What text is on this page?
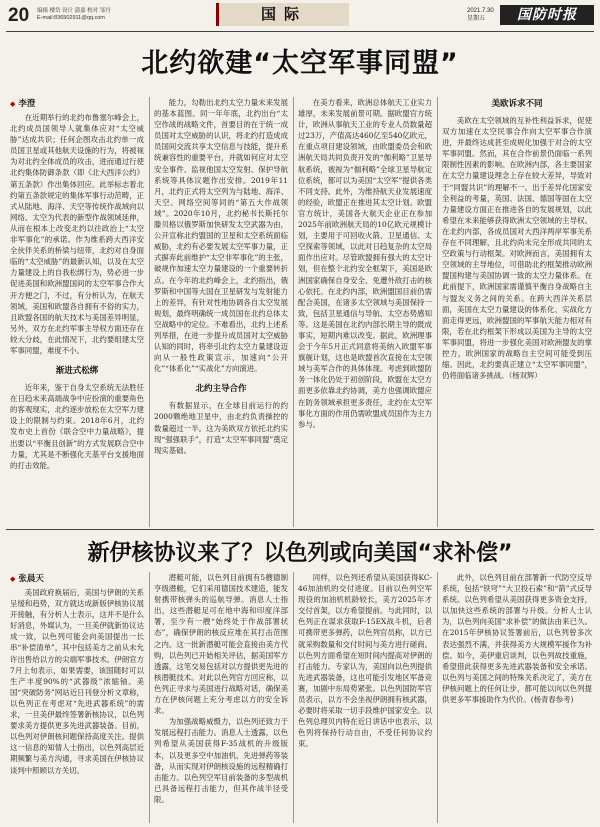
20 编辑 楼岱 设计 蒲嘉 校对 邹丹
E-mail:836502911@qq.com	国际	2021.7.30
星期五	国防时报
北约欲建“太空军事同盟”
◆ 李澄

在近期举行的北约布鲁塞尔峰会上，北约成员国领导人就集体应对“太空威胁”达成共识；任何企图攻击北约单一成员国卫星或其他航天设施的行为，将被视为对北约全体成员的攻击，进而通过行使北约集体防御条款（即《北大西洋公约》第五条款）作出集体回应。此举标志着北约第五条款规定的集体军事行动范畴，正式从陆地、海洋、天空等传统作战域向以网络、太空为代表的新型作战领域延伸，从而在根本上改变北约以往政治上“太空非军事化”的承诺。作为维系跨大西洋安全伙伴关系的桥梁与纽带，北约对自身面临的“太空威胁”的最新认知，以及在太空力量建设上的自我松绑行为，势必进一步促进美国和欧洲盟国间的太空军事合作大开方便之门，不过，有分析认为，在航天领域，美国和欧盟各自拥有不俗的实力，且欧盟各国的航天技术与美国差异明显，另外，双方在北约军事主导权方面还存在较大分歧，在此情况下，北约要组建太空军事同盟，难度不小。

渐进式松绑

近年来，鉴于自身太空系统无法胜任在日趋未来高端战争中应扮演的重要角色的客观现实，北约逐步放松在太空军力建设上的限制与约束。2018年6月，北约发布史上首份《联合空中力量战略》，提出要以“平衡且创新”的方式发展联合空中力量，尤其是不断强化天基平台支援地面的打击效能。

能力，勾勒出北约太空力量未来发展的基本蓝图。同一年年底，北约出台“太空作战的战略文件，首要目的在于统一成员国对太空威胁的认识，将北约打造成成员国间交流共享太空信息与技能，提升系统兼容性的重要平台，并就如何应对太空安全事件、监视他国太空发射、保护导航系统等具体议题作出安排。2019年11月，北约正式将太空列为与陆地、海洋、天空、网络空间等同的“第五大作战领域”。2020年10月，北约秘书长斯托尔滕贝格以俄罗斯加快研发太空武器为由，公开宣称北约盟国的卫星和太空系统面临威胁，北约有必要发展太空军事力量，正式摒弃此前维护“太空非军事化”的主张，破规作加速太空力量建设的一个重要转折点。在今年的北约峰会上，北约指出，俄罗斯和中国等大国在卫星研发与发射能力上的差异，有针对性地协调各自太空发展规划，最终明确统一成员国在北约总体太空战略中的定位。不难看出，北约上述系列举措，在进一步提升成员国对太空威胁认知的同时，将牵引北约太空力量建设迈向从一般性政策宣示，加速向“公开化”“体系化”“实战化”方向演进。

北约主导合作

有数据显示，在全球目前运行的约2000颗绝地卫星中，由北约负责操控的数量超过一半。这为美欧双方依托北约实现“强强联手”，打造“太空军事同盟”奠定现实基础。

在美方看来，欧洲总体航天工业实力雄厚，未来发展前景可期。据欧盟官方统计，欧洲从事航天工业的专业人员数量超过23万，产值高达460亿至540亿欧元，在重点项目建设领域，由欧盟委员会和欧洲航天局共同负责开发的“伽利略”卫星导航系统，被视为“伽利略”全球卫星导航定位系统，都可以为美国“太空军”提供各类不同支持。此外，为维持航天业发展速度的经验，欧盟正在推进其太空计划。欧盟官方统计，美国各大航天企业正在参加2025年前欧洲航天局的10亿欧元规模计划，主要用于可回收火箭、卫星通信、太空探索等领域，以此对日趋复杂的太空局面作出应对。尽管欧盟拥有强大的太空计划，但在整个北约安全框架下，美国是欧洲国家确保自身安全、免遭外敌打击的核心依托。在北约内部，欧洲盟国目前仍需配合美国，在诸多太空领域与美国保持一致，包括卫星通信与导航、太空态势感知等。这是美国在北约内部长期主导的既成事实，短期内难以改变。据此，欧洲理事会于今年5月正式同意将美纳入欧盟军事旗舰计划，这也是欧盟首次直接在太空领域与美军合作的具体体现。考虑到欧盟防务一体化仍处于初创阶段，欧盟在太空方面更多依靠北约协调，美方也强调欧盟应在防务领域承担更多责任，北约在太空军事化方面的作用仍需欧盟成员国作为主力参与。

美欧诉求不同

美欧在太空领域的互补性利益诉求，促使双方加速在太空民事合作向太空军事合作演进，并最终达成甚至成规化加强于对合的太空军事同盟。然而，其在合作前景仍面临一系列限制性因素的影响。在欧洲内部，各主要国家在太空力量建设理念上存在较大差异，导致对于“同盟共识”的理解不一。出于差异化国家安全利益的考量，英国、法国、德国等国在太空力量建设方面正在推进各自的发展规划，以此希望在未来能够获得欧洲太空领域的主导权。在北约内部，各成员国对大西洋两岸军事关系存在不同理解，且北约尚未完全形成共同的太空政策与行动框架。对欧洲而言，美国拥有太空领域的主导地位，可借助北约框架推动欧洲盟国构建与美国协调一致的太空力量体系。在此前提下，欧洲国家需谨慎平衡自身战略自主与盟友义务之间的关系。在跨大西洋关系层面，美国在太空力量建设的体系化、实战化方面走得更远，欧洲盟国的军事航天能力相对有限，若在北约框架下形成以美国为主导的太空军事同盟，将进一步强化美国对欧洲盟友的掌控力，欧洲国家的战略自主空间可能受到压缩。因此，北约要真正建立“太空军事同盟”，仍将面临诸多挑战。（杨双辉）

新伊核协议来了？以色列或向美国“求补偿”
◆ 张晨天

美国政府换届后，美国与伊朗的关系呈缓和趋势，双方就达成新版伊核协议展开接触，有分析人士表示，这并不是什么好消息，外媒认为，一旦美伊就新协议达成一致，以色列可能会向美国提出一长串“补偿清单”，其中包括美方之前从未允许出售给以方的尖端军事技术。伊朗官方7月上旬表示，如果需要，该国随时可以生产丰度90%的“武器级”浓缩铀。美国“突破防务”网站近日刊登分析文章称，以色列正在考虑对“先进武器系统”的需求，一旦美伊最终签署新核协议，以色列要求美方提供更多先进武器装备。目前，以色列对伊朗核问题保持高度关注。提供这一信息的知情人士指出，以色列高层近期频繁与美方沟通，寻求美国在伊核协议谈判中照顾以方关切。

潜艇可能，以色列目前拥有5艘德制亨级潜艇，它们采用德国技术建造，能发射携带核弹头的巡航导弹。消息人士指出，这些潜艇足可在地中海和印度洋部署，至少有一艘“始终处于作战部署状态”，确保伊朗的核反应堆在其打击范围之内。这一批新潜艇可能会直接由美方代购，以色列已开始相关评估，据美国军方透露，这笔交易包括对以方提供更先进的核潜艇技术。对此以色列官方回应称，以色列正寻求与美国进行战略对话，确保美方在伊核问题上充分考虑以方的安全诉求。

为加强战略威慑力，以色列还致力于发展远程打击能力。消息人士透露，以色列希望从美国获得F-35战机的升级版本，以及更多空中加油机、先进弹药等装备，从而实现对伊朗核设施的远程精确打击能力。以色列空军目前装备的多型战机已具备远程打击能力，但其作战半径受限。

同样，以色列还希望从美国获得KC-46加油机的交付进度。目前以色列空军现役的加油机机龄较长，美方2025年才交付首架，以方希望提前。与此同时，以色列正在谋求获取F-15EX战斗机，后者可携带更多弹药，以色列官员称，以方已就采购数量和交付时间与美方进行磋商。以色列方面希望在短时间内提高对伊朗的打击能力。专家认为，美国向以色列提供先进武器装备，这也可能引发地区军备竞赛，加剧中东局势紧张。以色列国防军官员表示，以方不会坐视伊朗拥有核武器，必要时将采取一切手段维护国家安全。以色列总理贝内特在近日讲话中也表示，以色列将保持行动自由，不受任何协议约束。

此外，以色列目前在部署新一代防空反导系统，包括“铁穹”“大卫投石索”和“箭”式反导系统。以色列希望从美国获得更多资金支持，以加快这些系统的部署与升级。分析人士认为，以色列向美国“求补偿”的做法由来已久。在2015年伊核协议签署前后，以色列曾多次表达强烈不满，并获得美方大规模军援作为补偿。如今，美伊重启谈判，以色列故技重施，希望借此获得更多先进武器装备和安全承诺。以色列与美国之间的特殊关系决定了，美方在伊核问题上的任何让步，都可能以向以色列提供更多军事援助作为代价。(杨青春参考)
